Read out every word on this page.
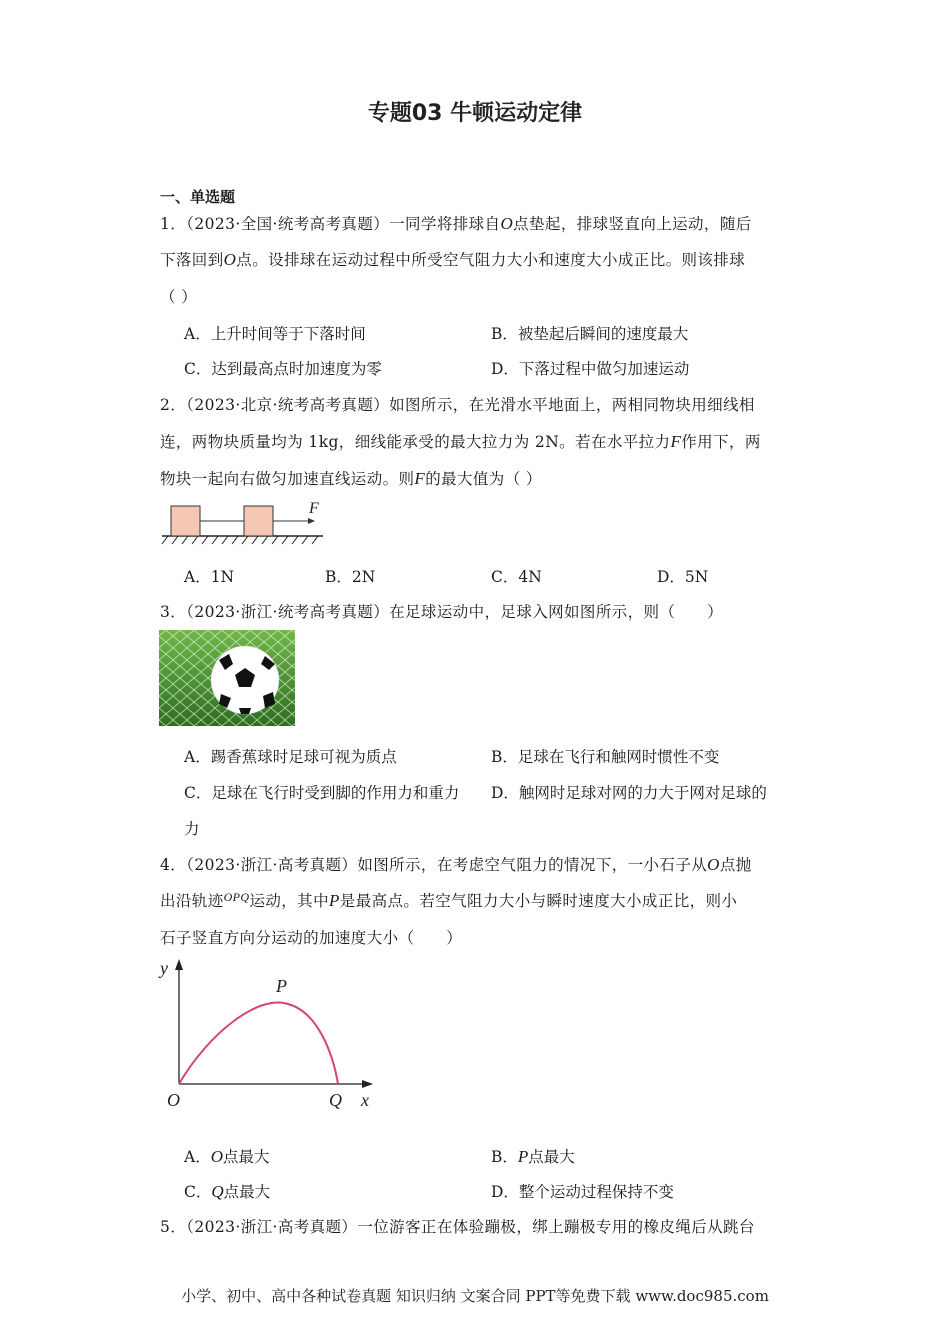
专题03 牛顿运动定律
一、单选题
1．（2023·全国·统考高考真题）一同学将排球自O点垫起，排球竖直向上运动，随后
下落回到O点。设排球在运动过程中所受空气阻力大小和速度大小成正比。则该排球
（ ）
A．上升时间等于下落时间	B．被垫起后瞬间的速度最大
C．达到最高点时加速度为零	D．下落过程中做匀加速运动
2．（2023·北京·统考高考真题）如图所示，在光滑水平地面上，两相同物块用细线相
连，两物块质量均为 1kg，细线能承受的最大拉力为 2N。若在水平拉力F作用下，两
物块一起向右做匀加速直线运动。则F的最大值为（ ）
F
A．1N	B．2N	C．4N	D．5N
3．（2023·浙江·统考高考真题）在足球运动中，足球入网如图所示，则（　　）
A．踢香蕉球时足球可视为质点	B．足球在飞行和触网时惯性不变
C．足球在飞行时受到脚的作用力和重力 D．触网时足球对网的力大于网对足球的
力
4．（2023·浙江·高考真题）如图所示，在考虑空气阻力的情况下，一小石子从O点抛
出沿轨迹$^{OPQ}$运动，其中P是最高点。若空气阻力大小与瞬时速度大小成正比，则小
石子竖直方向分运动的加速度大小（　　）
y
x
O
P
Q
A．O点最大	B．P点最大
C．Q点最大	D．整个运动过程保持不变
5．（2023·浙江·高考真题）一位游客正在体验蹦极，绑上蹦极专用的橡皮绳后从跳台
小学、初中、高中各种试卷真题 知识归纳 文案合同 PPT等免费下载 www.doc985.com
